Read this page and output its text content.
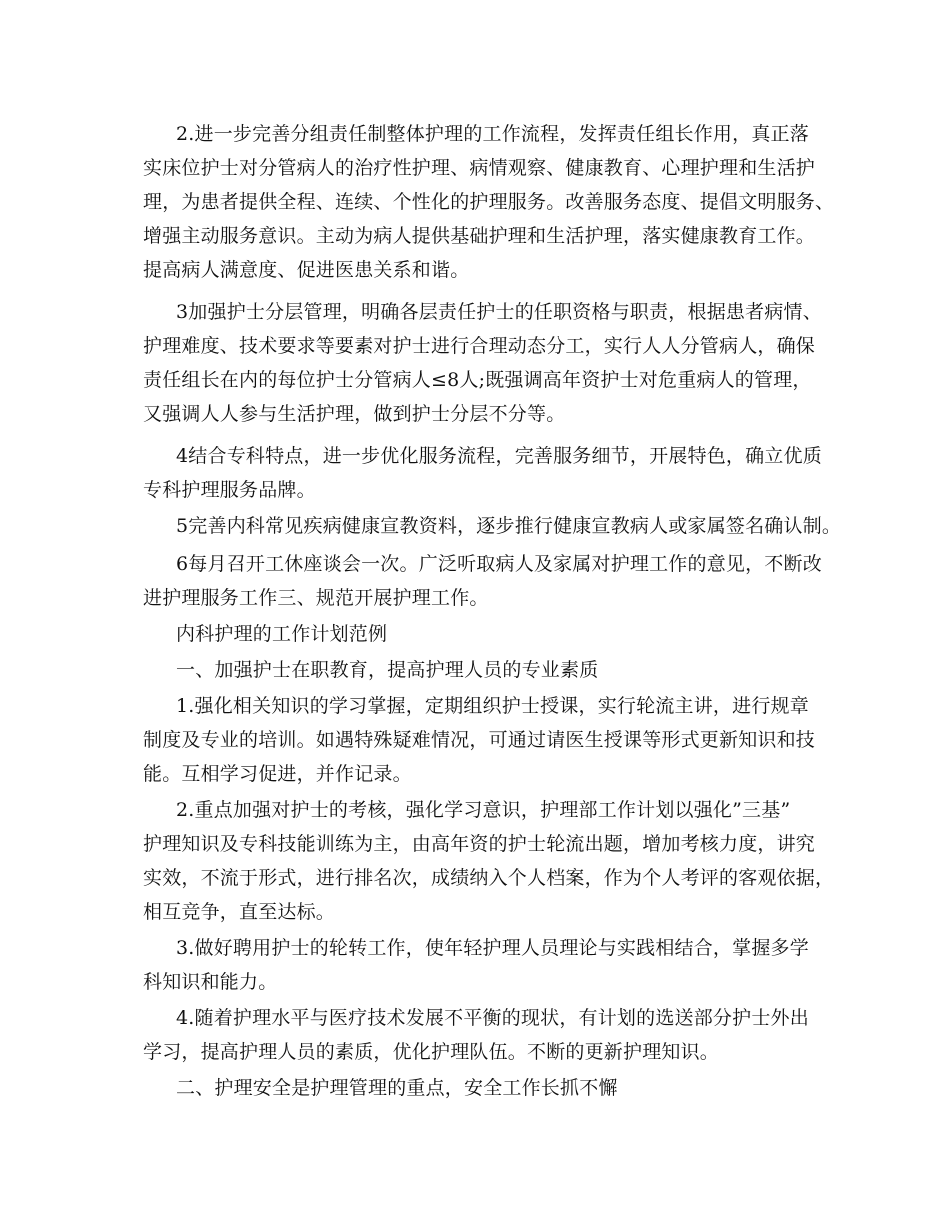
2.进一步完善分组责任制整体护理的工作流程，发挥责任组长作用，真正落

实床位护士对分管病人的治疗性护理、病情观察、健康教育、心理护理和生活护

理，为患者提供全程、连续、个性化的护理服务。改善服务态度、提倡文明服务、

增强主动服务意识。主动为病人提供基础护理和生活护理，落实健康教育工作。

提高病人满意度、促进医患关系和谐。

3加强护士分层管理，明确各层责任护士的任职资格与职责，根据患者病情、

护理难度、技术要求等要素对护士进行合理动态分工，实行人人分管病人，确保

责任组长在内的每位护士分管病人≤8人;既强调高年资护士对危重病人的管理，

又强调人人参与生活护理，做到护士分层不分等。

4结合专科特点，进一步优化服务流程，完善服务细节，开展特色，确立优质

专科护理服务品牌。

5完善内科常见疾病健康宣教资料，逐步推行健康宣教病人或家属签名确认制。

6每月召开工休座谈会一次。广泛听取病人及家属对护理工作的意见，不断改

进护理服务工作三、规范开展护理工作。

内科护理的工作计划范例

一、加强护士在职教育，提高护理人员的专业素质

1.强化相关知识的学习掌握，定期组织护士授课，实行轮流主讲，进行规章

制度及专业的培训。如遇特殊疑难情况，可通过请医生授课等形式更新知识和技

能。互相学习促进，并作记录。

2.重点加强对护士的考核，强化学习意识，护理部工作计划以强化”三基”

护理知识及专科技能训练为主，由高年资的护士轮流出题，增加考核力度，讲究

实效，不流于形式，进行排名次，成绩纳入个人档案，作为个人考评的客观依据，

相互竞争，直至达标。

3.做好聘用护士的轮转工作，使年轻护理人员理论与实践相结合，掌握多学

科知识和能力。

4.随着护理水平与医疗技术发展不平衡的现状，有计划的选送部分护士外出

学习，提高护理人员的素质，优化护理队伍。不断的更新护理知识。

二、护理安全是护理管理的重点，安全工作长抓不懈
